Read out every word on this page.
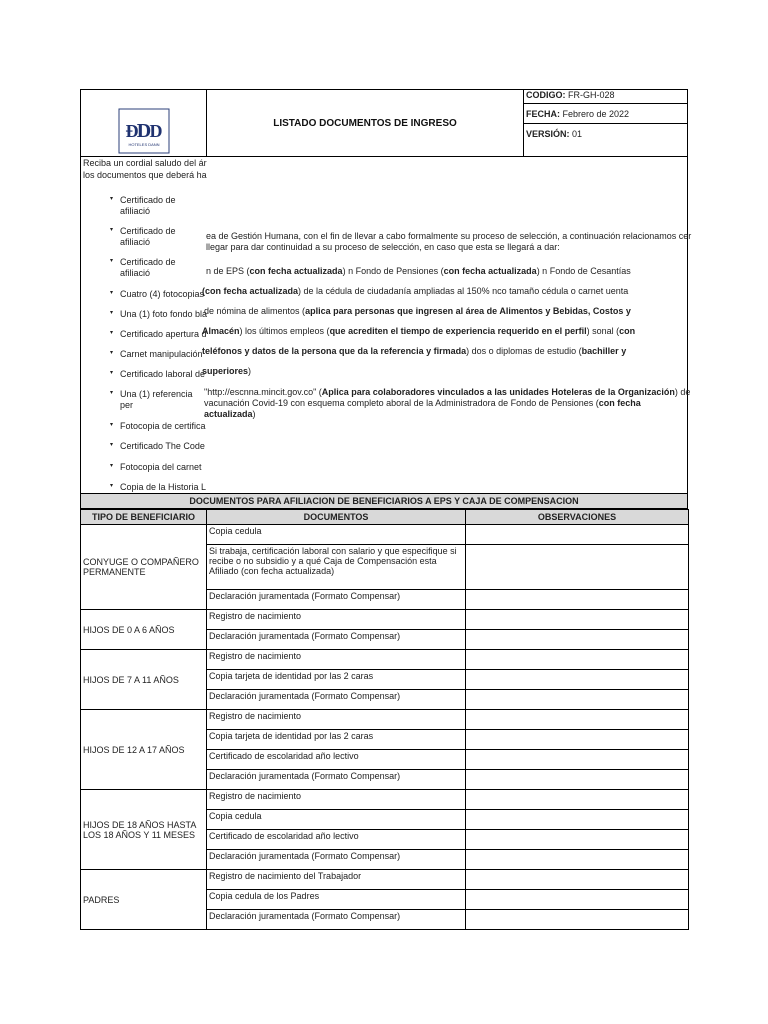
D
Ð D
HOTELES DANN
LISTADO DOCUMENTOS DE INGRESO
CODIGO: FR-GH-028
FECHA: Febrero de 2022
VERSIÓN: 01
Reciba un cordial saludo del ár
los documentos que deberá ha
▾ Certificado de afiliació
▾ Certificado de afiliació
▾ Certificado de afiliació
▾ Cuatro (4) fotocopias
▾ Una (1) foto fondo bla
▾ Certificado apertura d
▾ Carnet manipulación
▾ Certificado laboral de
▾ Una (1) referencia per
▾ Fotocopia de certifica
▾ Certificado The Code
▾ Fotocopia del carnet
▾ Copia de la Historia L
ea de Gestión Humana, con el fin de llevar a cabo formalmente su proceso de selección, a continuación relacionamos cer
llegar para dar continuidad a su proceso de selección, en caso que esta se llegará a dar:
n de EPS (con fecha actualizada) n Fondo de Pensiones (con fecha actualizada) n Fondo de Cesantías
(con fecha actualizada) de la cédula de ciudadanía ampliadas al 150% nco tamaño cédula o carnet uenta
de nómina de alimentos (aplica para personas que ingresen al área de Alimentos y Bebidas, Costos y
Almacén) los últimos empleos (que acrediten el tiempo de experiencia requerido en el perfil) sonal (con
teléfonos y datos de la persona que da la referencia y firmada) dos o diplomas de estudio (bachiller y
superiores)
"http://escnna.mincit.gov.co" (Aplica para colaboradores vinculados a las unidades Hoteleras de la Organización) de
vacunación Covid-19 con esquema completo aboral de la Administradora de Fondo de Pensiones (con fecha
actualizada)
DOCUMENTOS PARA AFILIACION DE BENEFICIARIOS A EPS Y CAJA DE COMPENSACION
TIPO DE BENEFICIARIO	DOCUMENTOS	OBSERVACIONES

CONYUGE O COMPAÑERO PERMANENTE	Copia cedula	
	Si trabaja, certificación laboral con salario y que especifique si recibe o no subsidio y a qué Caja de Compensación esta Afiliado (con fecha actualizada)	
	Declaración juramentada (Formato Compensar)	

HIJOS DE 0 A 6 AÑOS	Registro de nacimiento	
	Declaración juramentada (Formato Compensar)	

HIJOS DE 7 A 11 AÑOS	Registro de nacimiento	
	Copia tarjeta de identidad por las 2 caras	
	Declaración juramentada (Formato Compensar)	

HIJOS DE 12 A 17 AÑOS	Registro de nacimiento	
	Copia tarjeta de identidad por las 2 caras	
	Certificado de escolaridad año lectivo	
	Declaración juramentada (Formato Compensar)	

HIJOS DE 18 AÑOS HASTA LOS 18 AÑOS Y 11 MESES	Registro de nacimiento	
	Copia cedula	
	Certificado de escolaridad año lectivo	
	Declaración juramentada (Formato Compensar)	

PADRES	Registro de nacimiento del Trabajador	
	Copia cedula de los Padres	
	Declaración juramentada (Formato Compensar)	
